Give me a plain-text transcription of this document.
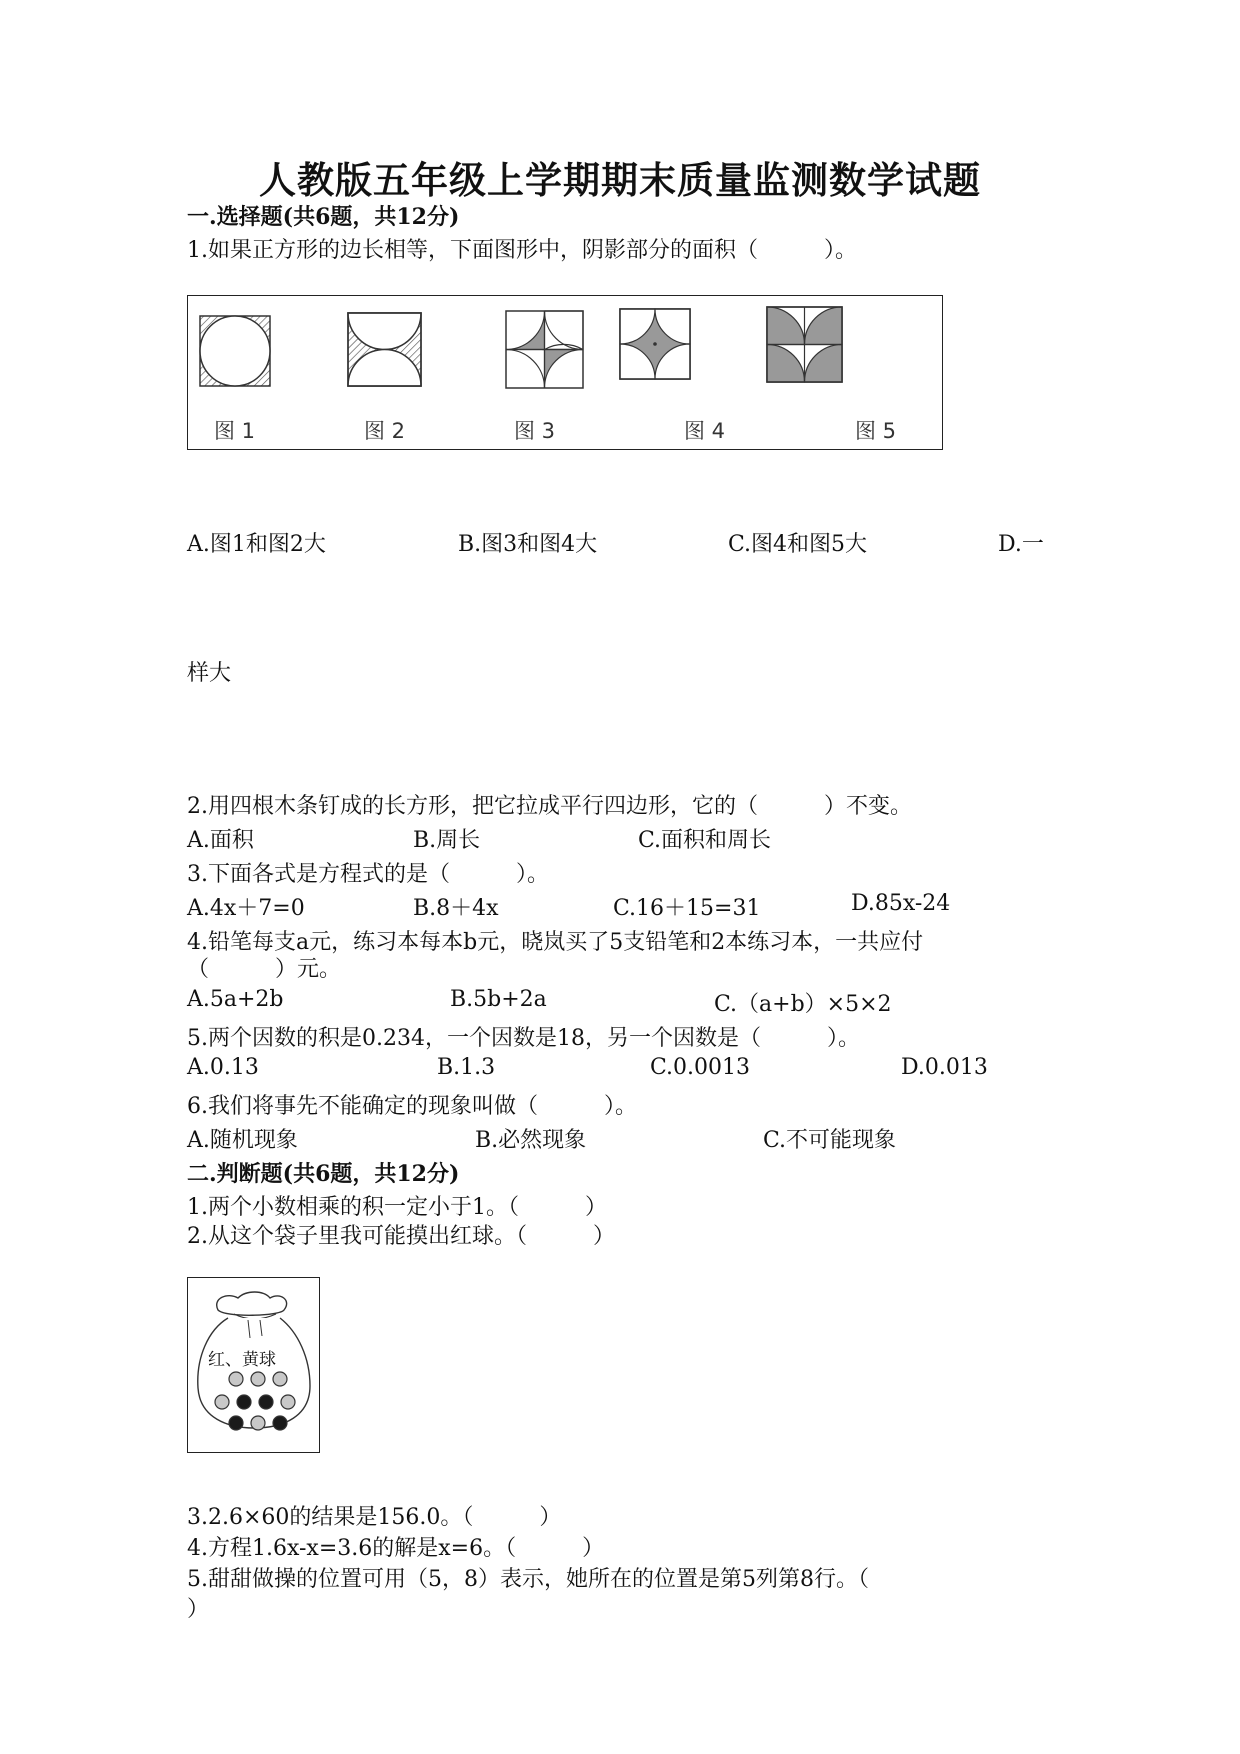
人教版五年级上学期期末质量监测数学试题
一.选择题(共6题，共12分)
1.如果正方形的边长相等，下面图形中，阴影部分的面积（　　　）。
图 1	图 2	图 3	图 4	图 5
A.图1和图2大	B.图3和图4大	C.图4和图5大	D.一
样大
2.用四根木条钉成的长方形，把它拉成平行四边形，它的（　　　）不变。
A.面积	B.周长	C.面积和周长
3.下面各式是方程式的是（　　　）。
A.4x＋7=0	B.8＋4x	C.16＋15=31	D.85x-24
4.铅笔每支a元，练习本每本b元，晓岚买了5支铅笔和2本练习本，一共应付
（　　　）元。
A.5a+2b	B.5b+2a	C.（a+b）×5×2
5.两个因数的积是0.234，一个因数是18，另一个因数是（　　　）。
A.0.13	B.1.3	C.0.0013	D.0.013
6.我们将事先不能确定的现象叫做（　　　）。
A.随机现象	B.必然现象	C.不可能现象
二.判断题(共6题，共12分)
1.两个小数相乘的积一定小于1。（　　　）
2.从这个袋子里我可能摸出红球。（　　　）
红、黄球
3.2.6×60的结果是156.0。（　　　）
4.方程1.6x-x=3.6的解是x=6。（　　　）
5.甜甜做操的位置可用（5，8）表示，她所在的位置是第5列第8行。（
）
